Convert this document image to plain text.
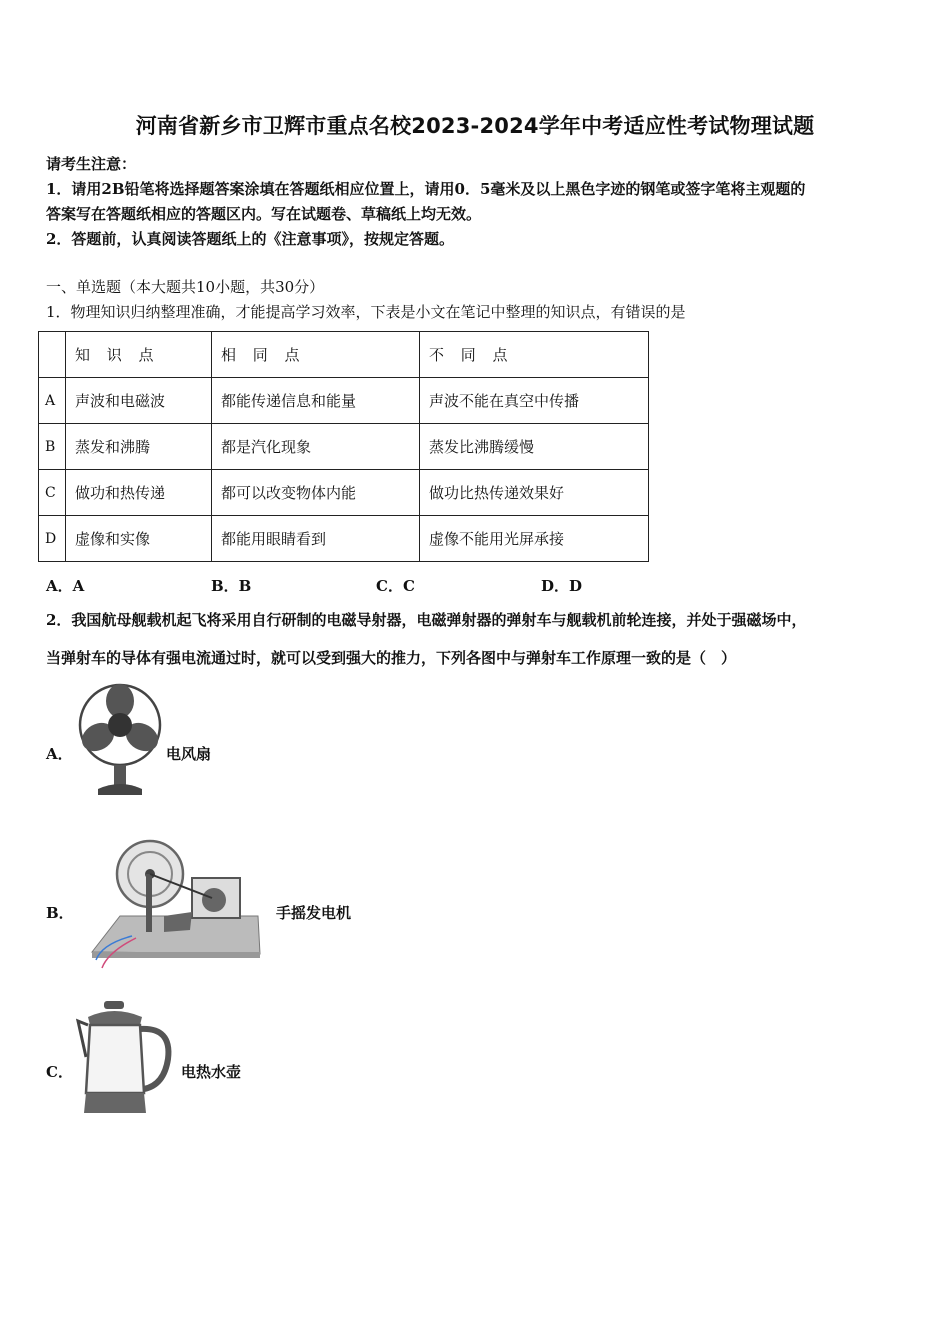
河南省新乡市卫辉市重点名校2023-2024学年中考适应性考试物理试题
请考生注意：
1．请用2B铅笔将选择题答案涂填在答题纸相应位置上，请用0．5毫米及以上黑色字迹的钢笔或签字笔将主观题的
答案写在答题纸相应的答题区内。写在试题卷、草稿纸上均无效。
2．答题前，认真阅读答题纸上的《注意事项》，按规定答题。
一、单选题（本大题共10小题，共30分）
1．物理知识归纳整理准确，才能提高学习效率，下表是小文在笔记中整理的知识点，有错误的是
	知 识 点	相 同 点	不 同 点
A	声波和电磁波	都能传递信息和能量	声波不能在真空中传播
B	蒸发和沸腾	都是汽化现象	蒸发比沸腾缓慢
C	做功和热传递	都可以改变物体内能	做功比热传递效果好
D	虚像和实像	都能用眼睛看到	虚像不能用光屏承接
A．A	B．B	C．C	D．D
2．我国航母舰载机起飞将采用自行研制的电磁导射器，电磁弹射器的弹射车与舰载机前轮连接，并处于强磁场中，
当弹射车的导体有强电流通过时，就可以受到强大的推力，下列各图中与弹射车工作原理一致的是（　）
A．	电风扇
B．	手摇发电机
C．	电热水壶
